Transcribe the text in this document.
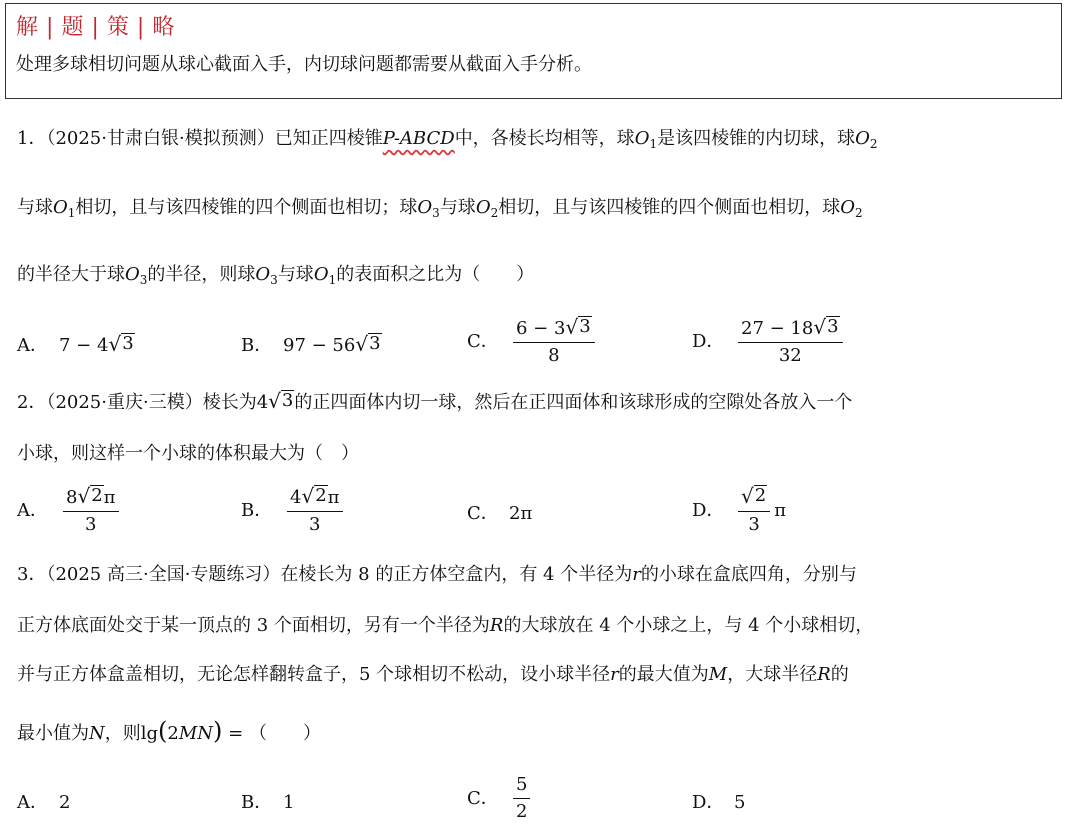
解 | 题 | 策 | 略
处理多球相切问题从球心截面入手，内切球问题都需要从截面入手分析。
1．（2025·甘肃白银·模拟预测）已知正四棱锥P-ABCD中，各棱长均相等，球$O_1$是该四棱锥的内切球，球$O_2$
与球$O_1$相切，且与该四棱锥的四个侧面也相切；球$O_3$与球$O_2$相切，且与该四棱锥的四个侧面也相切，球$O_2$
的半径大于球$O_3$的半径，则球$O_3$与球$O_1$的表面积之比为（　　）
A． 7 − 4 √ 3	B． 97 − 56 √ 3	C． $\frac{6 - 3 √ 3}{8}$	D． $\frac{27 - 18 √ 3}{32}$
2．（2025·重庆·三模）棱长为4 √ 3 的正四面体内切一球，然后在正四面体和该球形成的空隙处各放入一个
小球，则这样一个小球的体积最大为（　）
A． $\frac{8 √ 2 \pi}{3}$	B． $\frac{4 √ 2 \pi}{3}$	C． 2π	D． $\frac{√ 2}{3}$ π
3．（2025 高三·全国·专题练习）在棱长为 8 的正方体空盒内，有 4 个半径为r的小球在盒底四角，分别与
正方体底面处交于某一顶点的 3 个面相切，另有一个半径为R的大球放在 4 个小球之上，与 4 个小球相切，
并与正方体盒盖相切，无论怎样翻转盒子，5 个球相切不松动，设小球半径r的最大值为M，大球半径R的
最小值为N，则lg(2MN) = （　　）
A． 2	B． 1	C． $\frac{5}{2}$	D． 5
